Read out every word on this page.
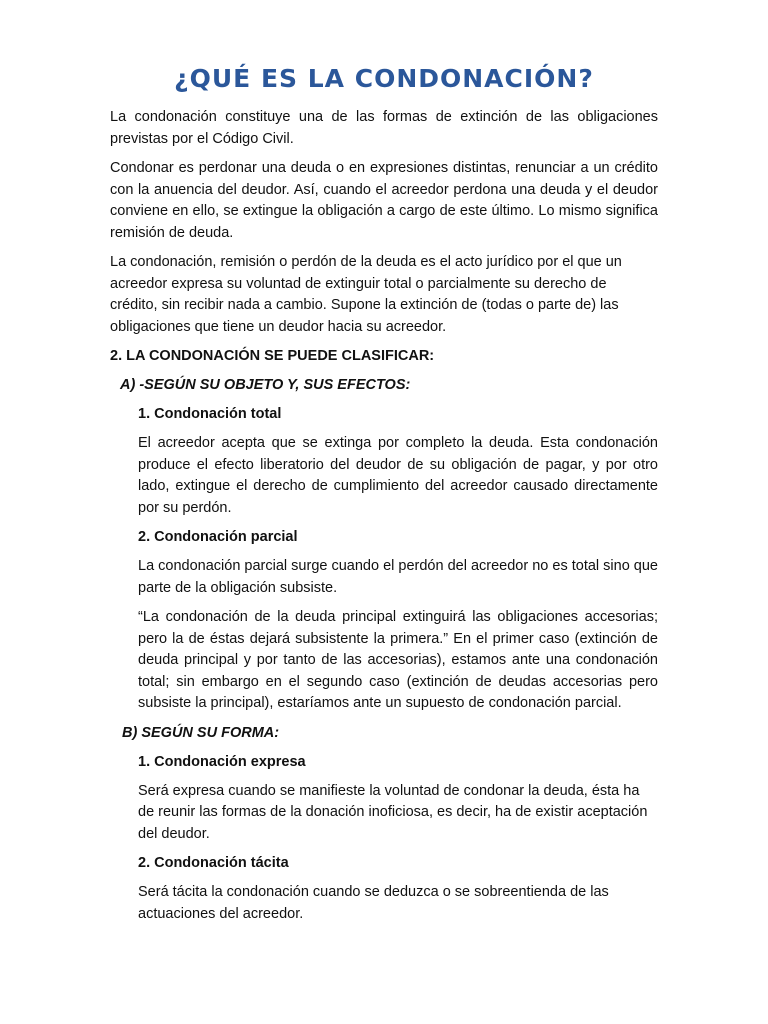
¿QUÉ ES LA CONDONACIÓN?

La condonación constituye una de las formas de extinción de las obligaciones previstas por el Código Civil.

Condonar es perdonar una deuda o en expresiones distintas, renunciar a un crédito con la anuencia del deudor. Así, cuando el acreedor perdona una deuda y el deudor conviene en ello, se extingue la obligación a cargo de este último. Lo mismo significa remisión de deuda.

La condonación, remisión o perdón de la deuda es el acto jurídico por el que un acreedor expresa su voluntad de extinguir total o parcialmente su derecho de crédito, sin recibir nada a cambio. Supone la extinción de (todas o parte de) las obligaciones que tiene un deudor hacia su acreedor.

2. LA CONDONACIÓN SE PUEDE CLASIFICAR:
A) -SEGÚN SU OBJETO Y, SUS EFECTOS:
1. Condonación total

El acreedor acepta que se extinga por completo la deuda. Esta condonación produce el efecto liberatorio del deudor de su obligación de pagar, y por otro lado, extingue el derecho de cumplimiento del acreedor causado directamente por su perdón.

2. Condonación parcial

La condonación parcial surge cuando el perdón del acreedor no es total sino que parte de la obligación subsiste.

“La condonación de la deuda principal extinguirá las obligaciones accesorias; pero la de éstas dejará subsistente la primera.” En el primer caso (extinción de deuda principal y por tanto de las accesorias), estamos ante una condonación total; sin embargo en el segundo caso (extinción de deudas accesorias pero subsiste la principal), estaríamos ante un supuesto de condonación parcial.

B) SEGÚN SU FORMA:
1. Condonación expresa

Será expresa cuando se manifieste la voluntad de condonar la deuda, ésta ha de reunir las formas de la donación inoficiosa, es decir, ha de existir aceptación del deudor.

2. Condonación tácita

Será tácita la condonación cuando se deduzca o se sobreentienda de las actuaciones del acreedor.
